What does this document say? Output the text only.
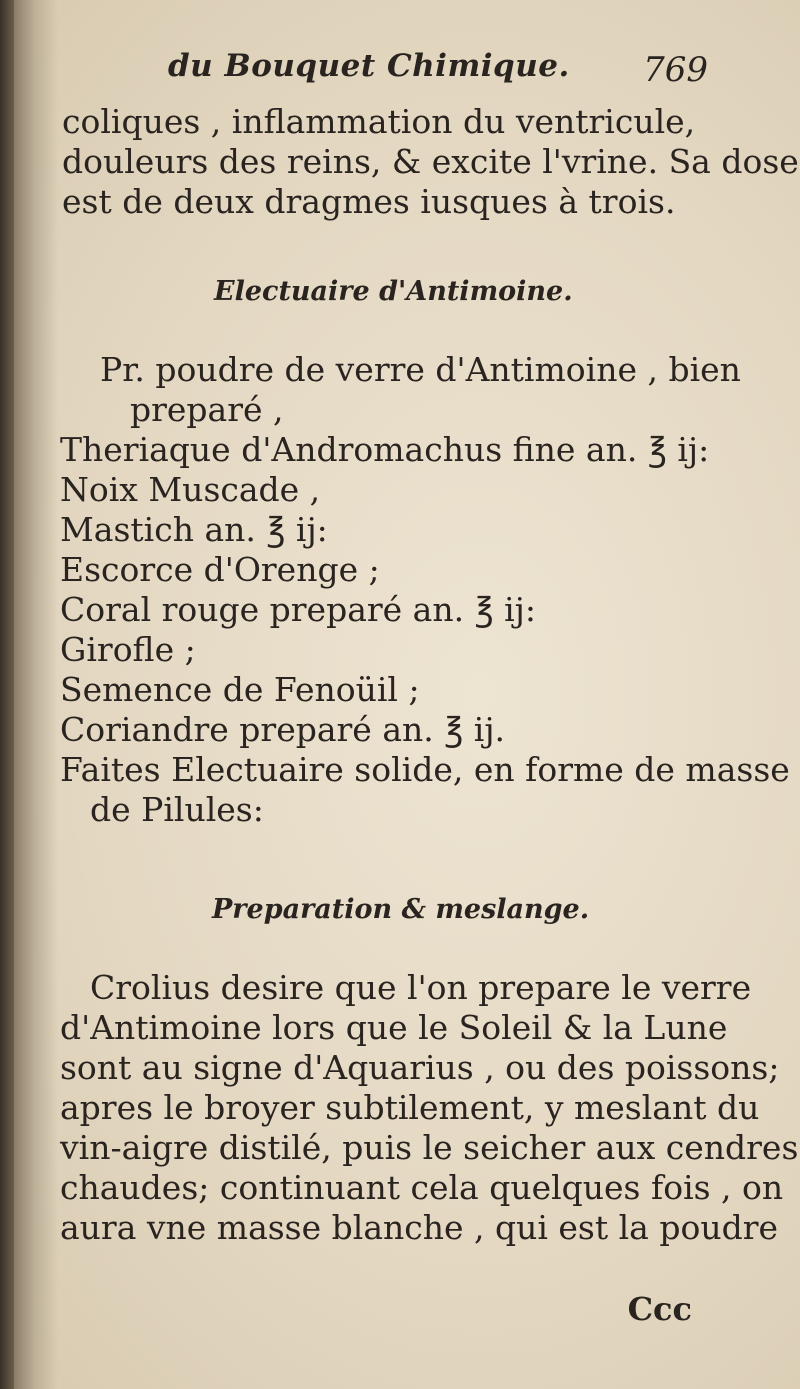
du Bouquet Chimique. 769
coliques , inflammation du ventricule,
douleurs des reins, & excite l'vrine. Sa dose
est de deux dragmes iusques à trois.
Electuaire d'Antimoine.
Pr. poudre de verre d'Antimoine , bien
preparé ,
Theriaque d'Andromachus fine an. ℥ ij:
Noix Muscade ,
Mastich an. ℥ ij:
Escorce d'Orenge ;
Coral rouge preparé an. ℥ ij:
Girofle ;
Semence de Fenoüil ;
Coriandre preparé an. ℥ ij.
Faites Electuaire solide, en forme de masse
de Pilules:
Preparation & meslange.
Crolius desire que l'on prepare le verre
d'Antimoine lors que le Soleil & la Lune
sont au signe d'Aquarius , ou des poissons;
apres le broyer subtilement, y meslant du
vin-aigre distilé, puis le seicher aux cendres
chaudes; continuant cela quelques fois , on
aura vne masse blanche , qui est la poudre
Ccc
